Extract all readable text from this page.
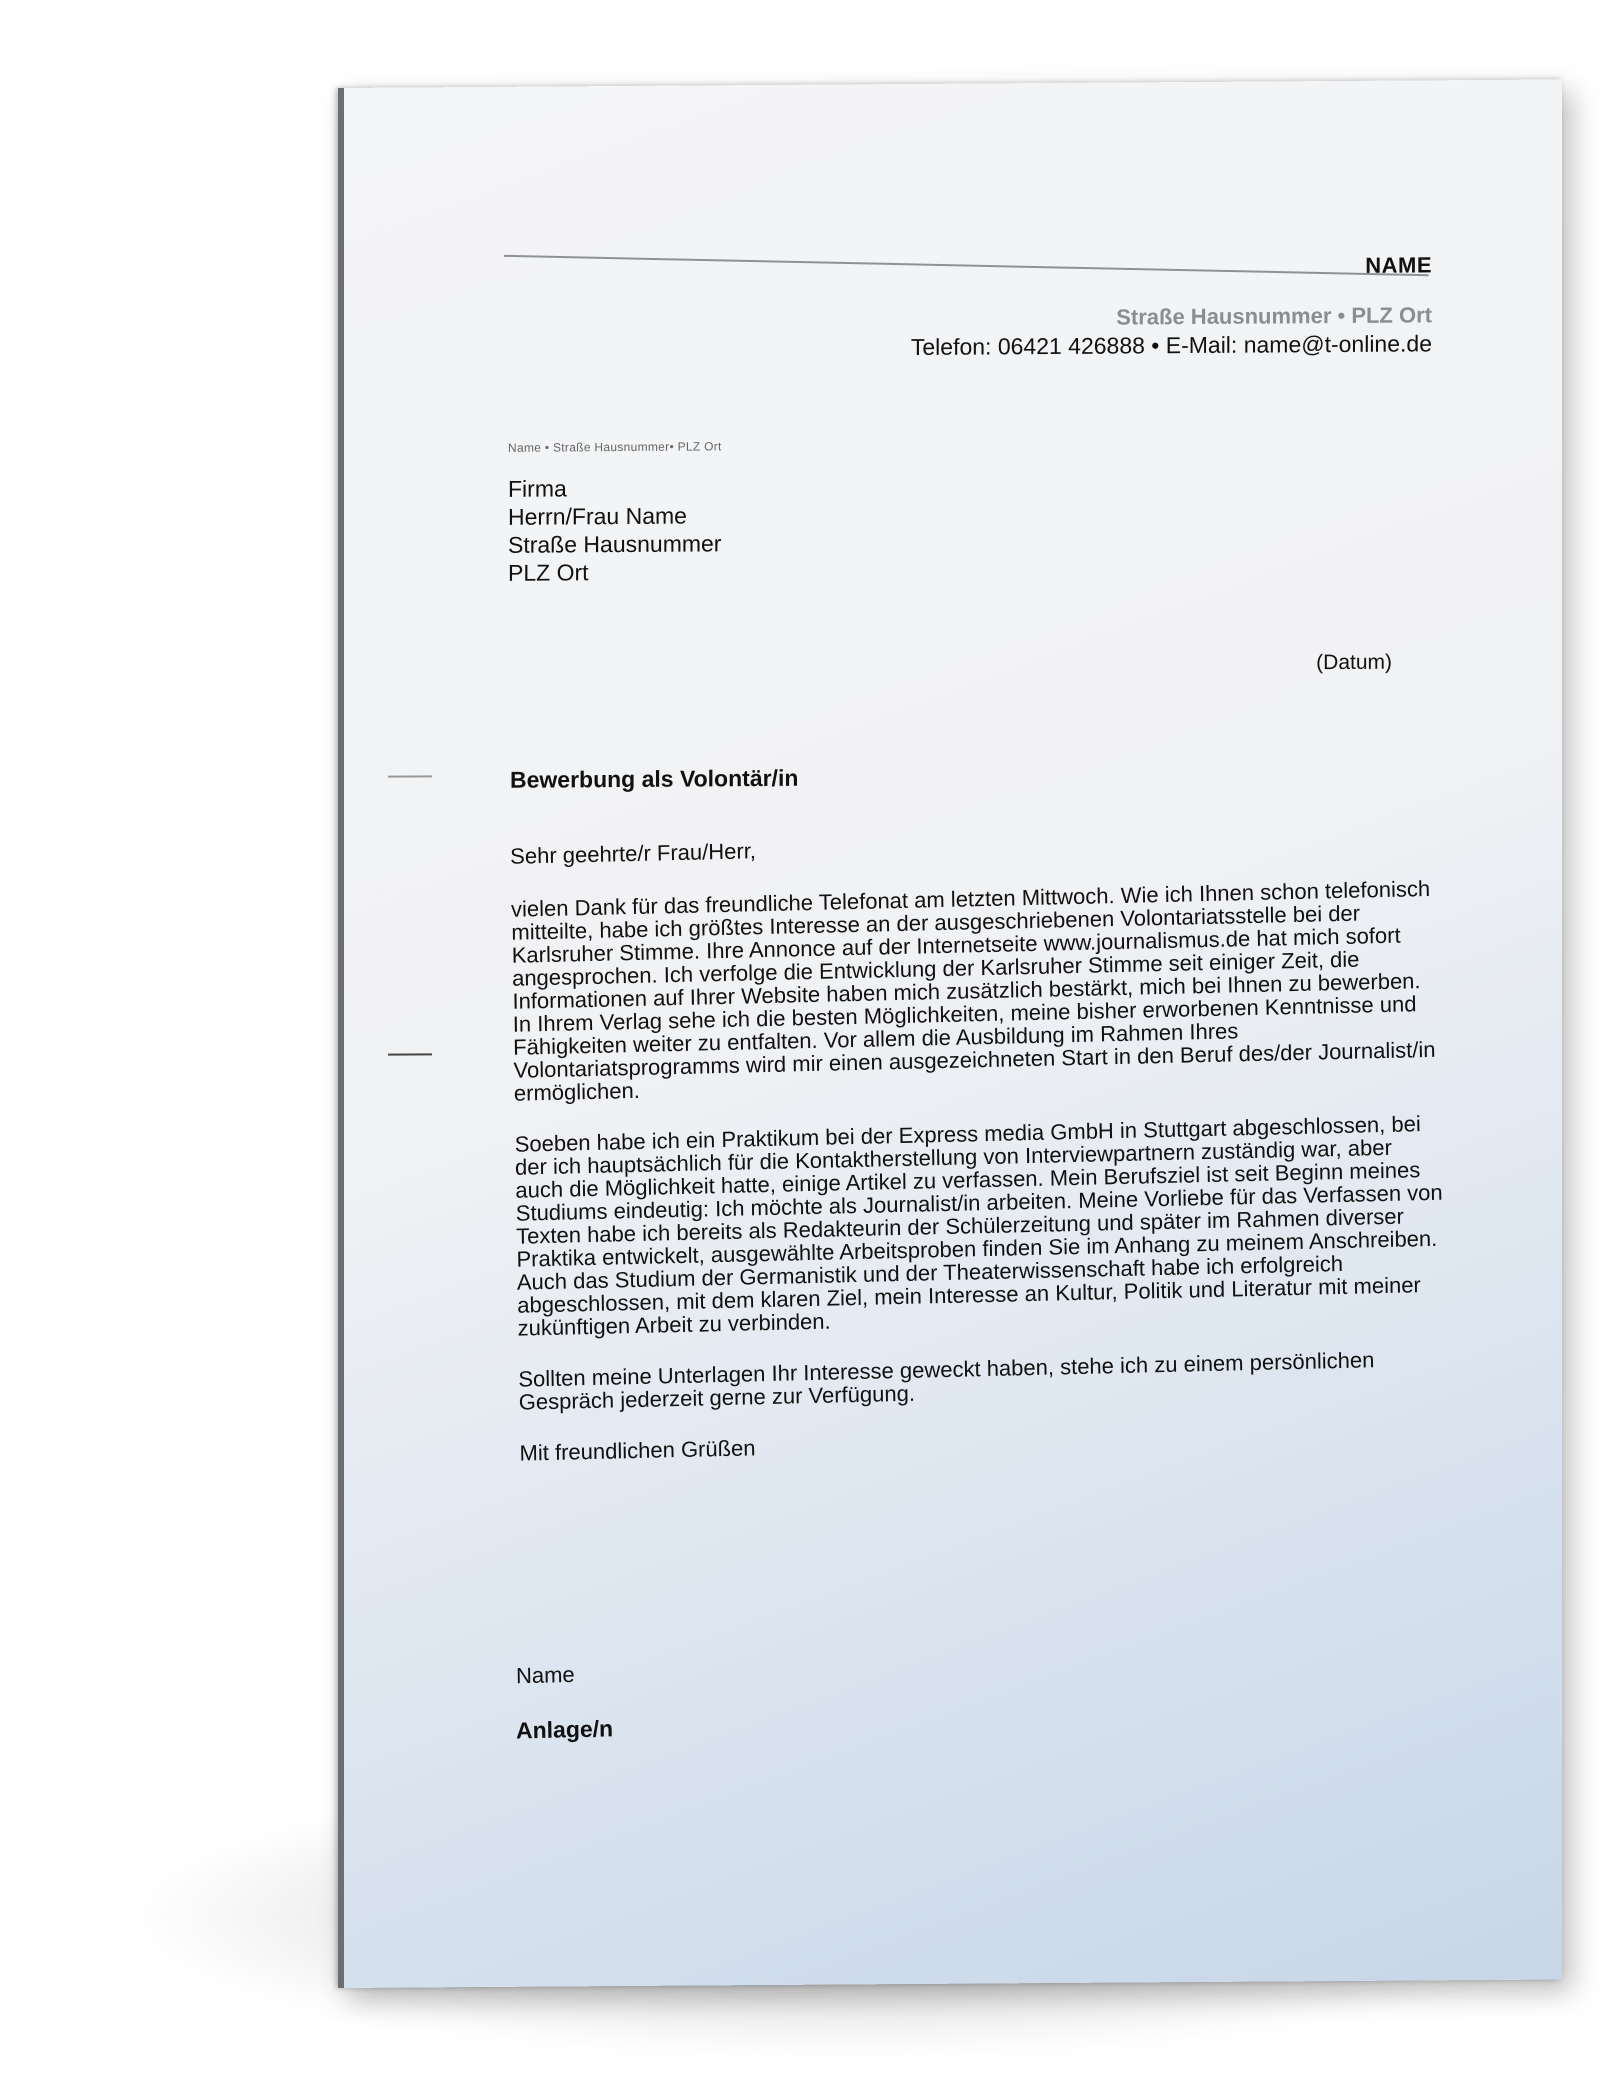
NAME
Straße Hausnummer • PLZ Ort
Telefon: 06421 426888 • E-Mail: name@t-online.de
Name • Straße Hausnummer• PLZ Ort
Firma
Herrn/Frau Name
Straße Hausnummer
PLZ Ort
(Datum)
Bewerbung als Volontär/in

Sehr geehrte/r Frau/Herr,

vielen Dank für das freundliche Telefonat am letzten Mittwoch. Wie ich Ihnen schon telefonisch mitteilte, habe ich größtes Interesse an der ausgeschriebenen Volontariatsstelle bei der Karlsruher Stimme. Ihre Annonce auf der Internetseite www.journalismus.de hat mich sofort angesprochen. Ich verfolge die Entwicklung der Karlsruher Stimme seit einiger Zeit, die Informationen auf Ihrer Website haben mich zusätzlich bestärkt, mich bei Ihnen zu bewerben. In Ihrem Verlag sehe ich die besten Möglichkeiten, meine bisher erworbenen Kenntnisse und Fähigkeiten weiter zu entfalten. Vor allem die Ausbildung im Rahmen Ihres Volontariatsprogramms wird mir einen ausgezeichneten Start in den Beruf des/der Journalist/in ermöglichen.

Soeben habe ich ein Praktikum bei der Express media GmbH in Stuttgart abgeschlossen, bei der ich hauptsächlich für die Kontaktherstellung von Interviewpartnern zuständig war, aber auch die Möglichkeit hatte, einige Artikel zu verfassen. Mein Berufsziel ist seit Beginn meines Studiums eindeutig: Ich möchte als Journalist/in arbeiten. Meine Vorliebe für das Verfassen von Texten habe ich bereits als Redakteurin der Schülerzeitung und später im Rahmen diverser Praktika entwickelt, ausgewählte Arbeitsproben finden Sie im Anhang zu meinem Anschreiben. Auch das Studium der Germanistik und der Theaterwissenschaft habe ich erfolgreich abgeschlossen, mit dem klaren Ziel, mein Interesse an Kultur, Politik und Literatur mit meiner zukünftigen Arbeit zu verbinden.

Sollten meine Unterlagen Ihr Interesse geweckt haben, stehe ich zu einem persönlichen Gespräch jederzeit gerne zur Verfügung.

Mit freundlichen Grüßen

Name
Anlage/n
